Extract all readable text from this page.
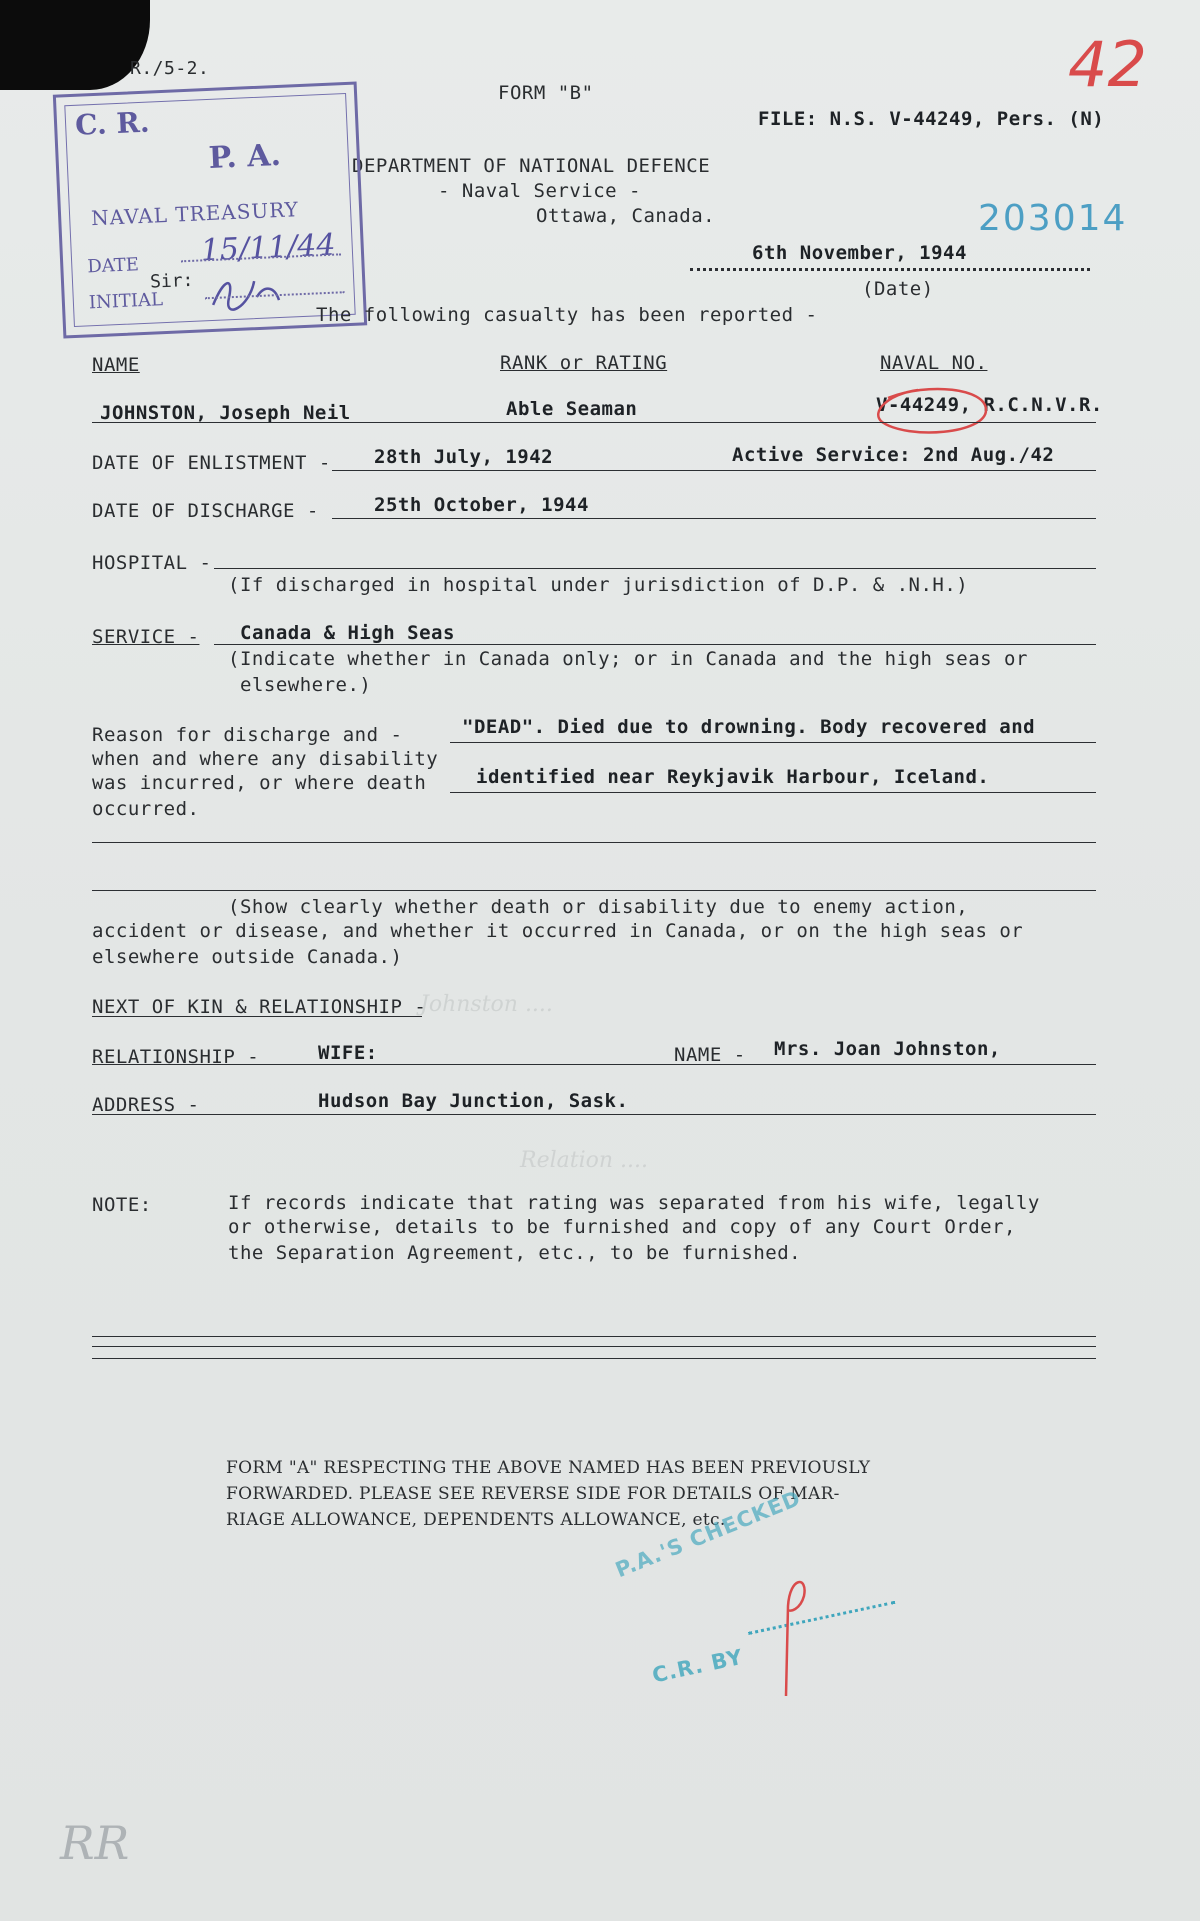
Johnston ....
Relation ....
R./5-2.	42
FORM "B"
FILE: N.S. V-44249, Pers. (N)
DEPARTMENT OF NATIONAL DEFENCE
- Naval Service -
Ottawa, Canada.	203014
6th November, 1944
(Date)
C. R.
P. A.
NAVAL TREASURY
DATE
INITIAL
15/11/44
Sir:
The following casualty has been reported -
NAME	RANK or RATING	NAVAL NO.
JOHNSTON, Joseph Neil	Able Seaman	V-44249, R.C.N.V.R.
DATE OF ENLISTMENT - 28th July, 1942	Active Service: 2nd Aug./42
DATE OF DISCHARGE -	25th October, 1944
HOSPITAL -
(If discharged in hospital under jurisdiction of D.P. & .N.H.)
SERVICE - Canada & High Seas
(Indicate whether in Canada only; or in Canada and the high seas or
elsewhere.)
Reason for discharge and -
when and where any disability
was incurred, or where death
occurred.
"DEAD". Died due to drowning. Body recovered and
identified near Reykjavik Harbour, Iceland.
(Show clearly whether death or disability due to enemy action,
accident or disease, and whether it occurred in Canada, or on the high seas or
elsewhere outside Canada.)
NEXT OF KIN & RELATIONSHIP -
RELATIONSHIP -	WIFE:	NAME - Mrs. Joan Johnston,
ADDRESS -	Hudson Bay Junction, Sask.
NOTE:	If records indicate that rating was separated from his wife, legally
or otherwise, details to be furnished and copy of any Court Order,
the Separation Agreement, etc., to be furnished.
FORM "A" RESPECTING THE ABOVE NAMED HAS BEEN PREVIOUSLY
FORWARDED. PLEASE SEE REVERSE SIDE FOR DETAILS OF MAR-
RIAGE ALLOWANCE, DEPENDENTS ALLOWANCE, etc.
P.A.'S CHECKED
C.R. BY
RR
